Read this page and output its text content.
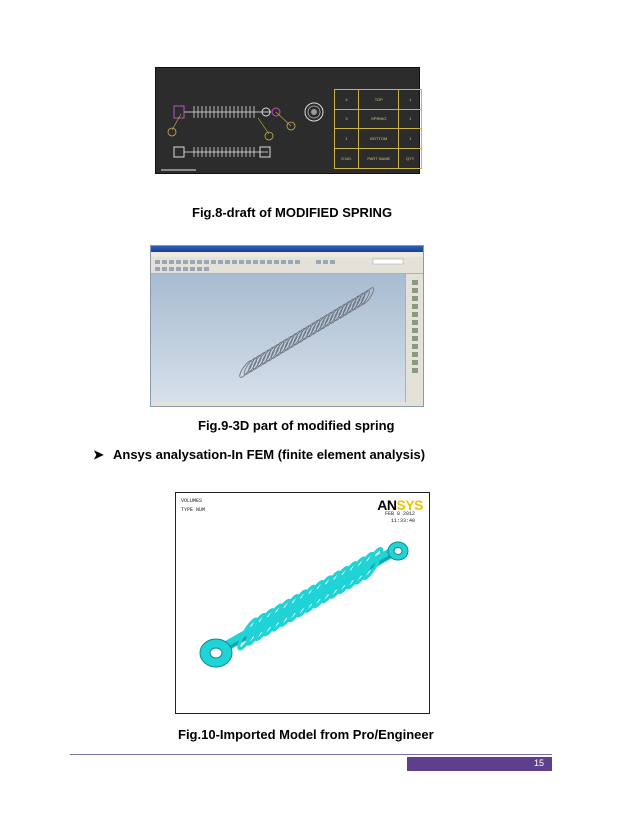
4	TOP	1
3	SPRING	1
1	BOTTOM	1
S.NO.	PART NAME	QTY
Fig.8-draft of MODIFIED SPRING
Fig.9-3D part of modified spring
➤ Ansys analysation-In FEM (finite element analysis)
VOLUMES
TYPE NUM	ANSYS
FEB 8 2012
11:33:40
Fig.10-Imported Model from Pro/Engineer
15
